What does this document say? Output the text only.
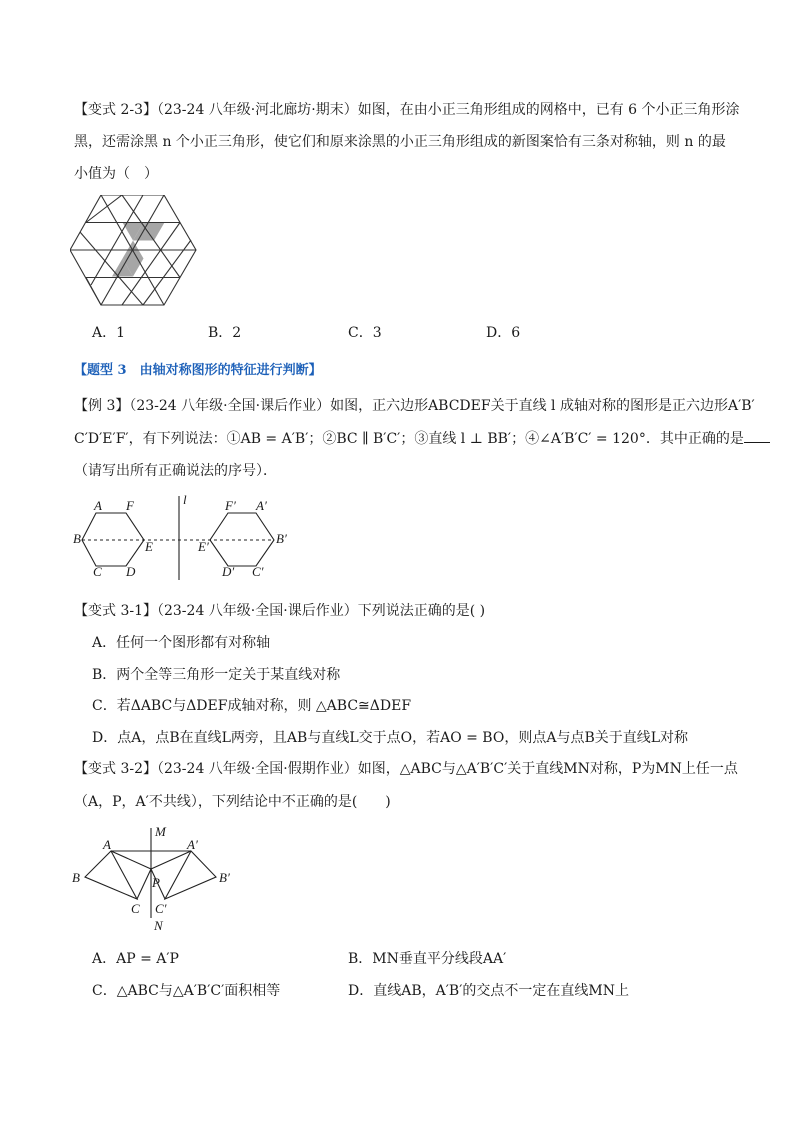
【变式 2-3】（23-24 八年级·河北廊坊·期末）如图，在由小正三角形组成的网格中，已有 6 个小正三角形涂
黑，还需涂黑 n 个小正三角形，使它们和原来涂黑的小正三角形组成的新图案恰有三条对称轴，则 n 的最
小值为（　）
A．1	B．2	C．3	D．6
【题型 3　由轴对称图形的特征进行判断】
【例 3】（23-24 八年级·全国·课后作业）如图，正六边形ABCDEF关于直线 l 成轴对称的图形是正六边形A′B′
C′D′E′F′，有下列说法：①AB = A′B′；②BC ∥ B′C′；③直线 l ⊥ BB′；④∠A′B′C′ = 120°．其中正确的是
（请写出所有正确说法的序号）．
A F
B
E
C D
l	F′ A′
E′
B′
D′ C′
【变式 3-1】（23-24 八年级·全国·课后作业）下列说法正确的是( )
A．任何一个图形都有对称轴
B．两个全等三角形一定关于某直线对称
C．若ΔABC与ΔDEF成轴对称，则 △ABC≅ΔDEF
D．点A，点B在直线L两旁，且AB与直线L交于点O，若AO = BO，则点A与点B关于直线L对称
【变式 3-2】（23-24 八年级·全国·假期作业）如图，△ABC与△A′B′C′关于直线MN对称，P为MN上任一点
（A，P，A′不共线），下列结论中不正确的是(　　)
M
A	A′
B	P	B′
C C′
N
A．AP = A′P	B．MN垂直平分线段AA′
C．△ABC与△A′B′C′面积相等	D．直线AB，A′B′的交点不一定在直线MN上
